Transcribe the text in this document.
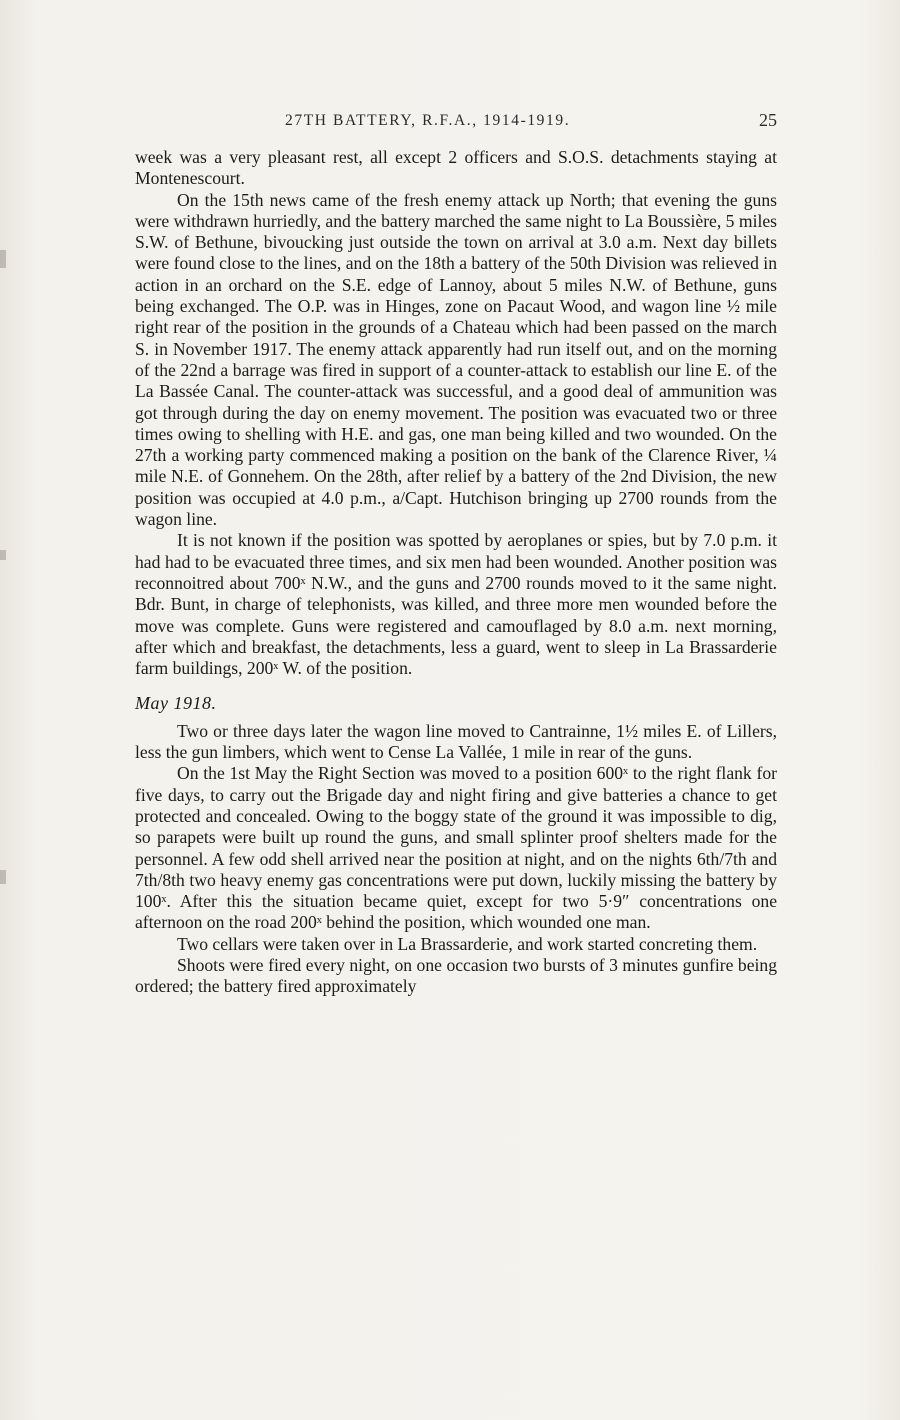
27TH BATTERY, R.F.A., 1914-1919.	25

week was a very pleasant rest, all except 2 officers and S.O.S. detachments staying at Montenescourt.

On the 15th news came of the fresh enemy attack up North; that evening the guns were withdrawn hurriedly, and the battery marched the same night to La Boussière, 5 miles S.W. of Bethune, bivoucking just outside the town on arrival at 3.0 a.m. Next day billets were found close to the lines, and on the 18th a battery of the 50th Division was relieved in action in an orchard on the S.E. edge of Lannoy, about 5 miles N.W. of Bethune, guns being exchanged. The O.P. was in Hinges, zone on Pacaut Wood, and wagon line ½ mile right rear of the position in the grounds of a Chateau which had been passed on the march S. in November 1917. The enemy attack apparently had run itself out, and on the morning of the 22nd a barrage was fired in support of a counter-attack to establish our line E. of the La Bassée Canal. The counter-attack was successful, and a good deal of ammunition was got through during the day on enemy movement. The position was evacuated two or three times owing to shelling with H.E. and gas, one man being killed and two wounded. On the 27th a working party commenced making a position on the bank of the Clarence River, ¼ mile N.E. of Gonnehem. On the 28th, after relief by a battery of the 2nd Division, the new position was occupied at 4.0 p.m., a/Capt. Hutchison bringing up 2700 rounds from the wagon line.

It is not known if the position was spotted by aeroplanes or spies, but by 7.0 p.m. it had had to be evacuated three times, and six men had been wounded. Another position was reconnoitred about 700ˣ N.W., and the guns and 2700 rounds moved to it the same night. Bdr. Bunt, in charge of telephonists, was killed, and three more men wounded before the move was complete. Guns were registered and camouflaged by 8.0 a.m. next morning, after which and breakfast, the detachments, less a guard, went to sleep in La Brassarderie farm buildings, 200ˣ W. of the position.

May 1918.

Two or three days later the wagon line moved to Cantrainne, 1½ miles E. of Lillers, less the gun limbers, which went to Cense La Vallée, 1 mile in rear of the guns.

On the 1st May the Right Section was moved to a position 600ˣ to the right flank for five days, to carry out the Brigade day and night firing and give batteries a chance to get protected and concealed. Owing to the boggy state of the ground it was impossible to dig, so parapets were built up round the guns, and small splinter proof shelters made for the personnel. A few odd shell arrived near the position at night, and on the nights 6th/7th and 7th/8th two heavy enemy gas concentrations were put down, luckily missing the battery by 100ˣ. After this the situation became quiet, except for two 5·9″ concentrations one afternoon on the road 200ˣ behind the position, which wounded one man.

Two cellars were taken over in La Brassarderie, and work started concreting them.

Shoots were fired every night, on one occasion two bursts of 3 minutes gunfire being ordered; the battery fired approximately
